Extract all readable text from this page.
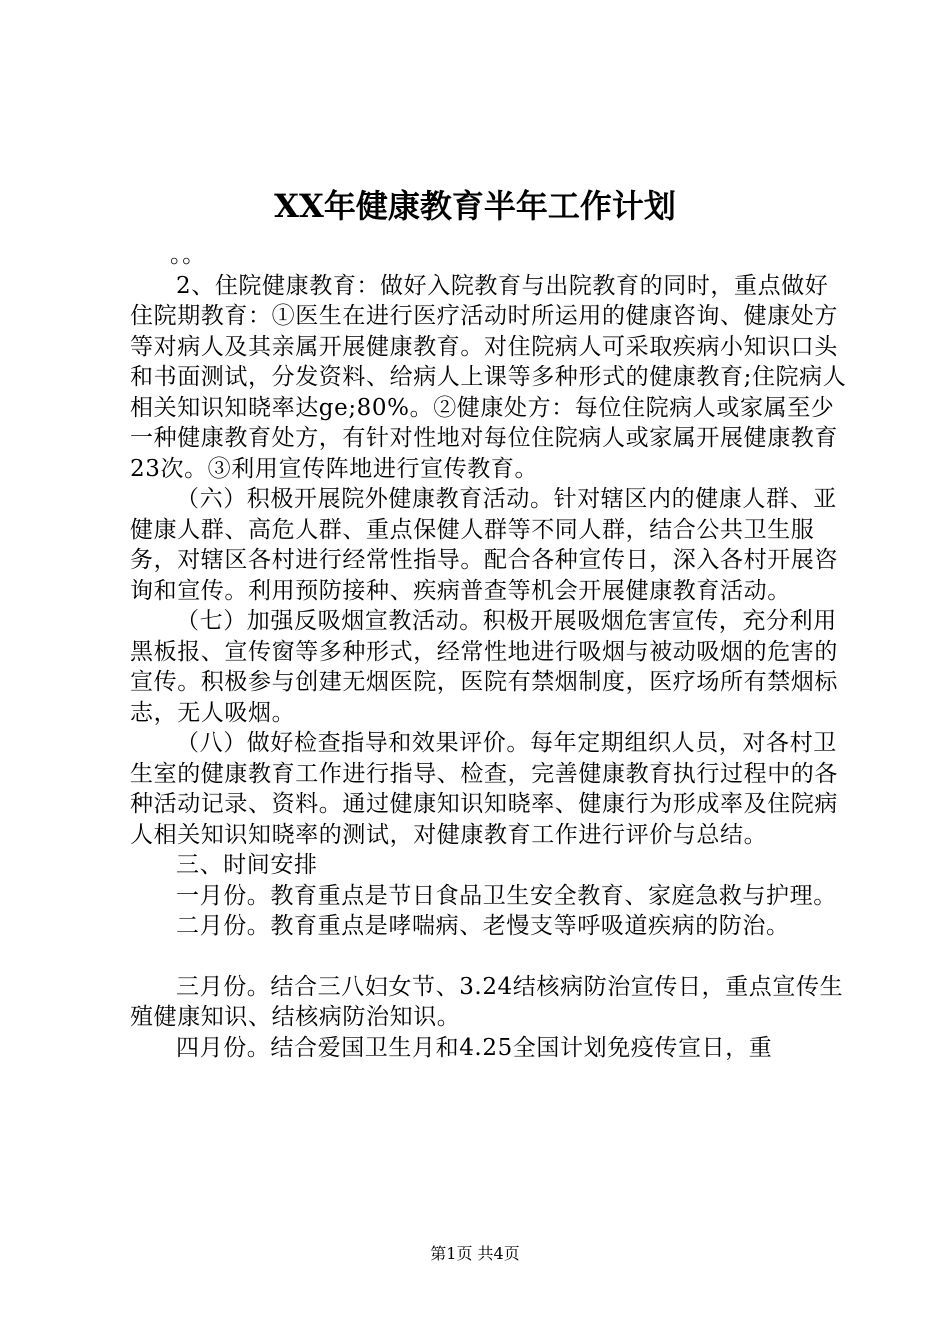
XX年健康教育半年工作计划

。。

2、住院健康教育：做好入院教育与出院教育的同时，重点做好住院期教育：①医生在进行医疗活动时所运用的健康咨询、健康处方等对病人及其亲属开展健康教育。对住院病人可采取疾病小知识口头和书面测试，分发资料、给病人上课等多种形式的健康教育;住院病人相关知识知晓率达ge;80%。②健康处方：每位住院病人或家属至少一种健康教育处方，有针对性地对每位住院病人或家属开展健康教育23次。③利用宣传阵地进行宣传教育。

（六）积极开展院外健康教育活动。针对辖区内的健康人群、亚健康人群、高危人群、重点保健人群等不同人群，结合公共卫生服务，对辖区各村进行经常性指导。配合各种宣传日，深入各村开展咨询和宣传。利用预防接种、疾病普查等机会开展健康教育活动。

（七）加强反吸烟宣教活动。积极开展吸烟危害宣传，充分利用黑板报、宣传窗等多种形式，经常性地进行吸烟与被动吸烟的危害的宣传。积极参与创建无烟医院，医院有禁烟制度，医疗场所有禁烟标志，无人吸烟。

（八）做好检查指导和效果评价。每年定期组织人员，对各村卫生室的健康教育工作进行指导、检查，完善健康教育执行过程中的各种活动记录、资料。通过健康知识知晓率、健康行为形成率及住院病人相关知识知晓率的测试，对健康教育工作进行评价与总结。

三、时间安排

一月份。教育重点是节日食品卫生安全教育、家庭急救与护理。

二月份。教育重点是哮喘病、老慢支等呼吸道疾病的防治。

三月份。结合三八妇女节、3.24结核病防治宣传日，重点宣传生殖健康知识、结核病防治知识。

四月份。结合爱国卫生月和4.25全国计划免疫传宣日，重

第1页 共4页
